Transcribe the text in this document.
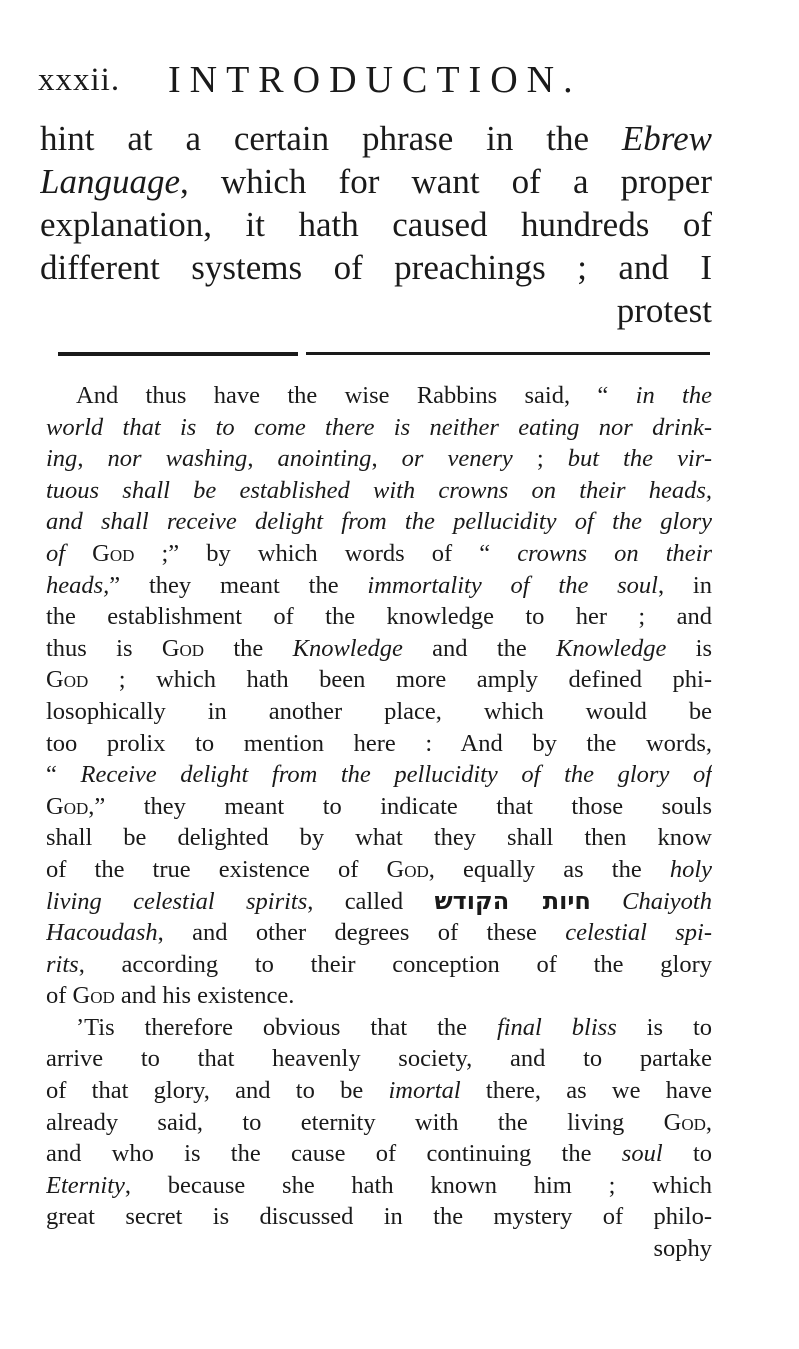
xxxii. INTRODUCTION.
hint at a certain phrase in the Ebrew
Language, which for want of a proper
explanation, it hath caused hundreds of
different systems of preachings ; and I
protest
And thus have the wise Rabbins said, “ in the
world that is to come there is neither eating nor drink-
ing, nor washing, anointing, or venery ; but the vir-
tuous shall be established with crowns on their heads,
and shall receive delight from the pellucidity of the glory
of God ;” by which words of “ crowns on their
heads,” they meant the immortality of the soul, in
the establishment of the knowledge to her ; and
thus is God the Knowledge and the Knowledge is
God ; which hath been more amply defined phi-
losophically in another place, which would be
too prolix to mention here : And by the words,
“ Receive delight from the pellucidity of the glory of
God,” they meant to indicate that those souls
shall be delighted by what they shall then know
of the true existence of God, equally as the holy
living celestial spirits, called חיות הקודש Chaiyoth
Hacoudash, and other degrees of these celestial spi-
rits, according to their conception of the glory
of God and his existence.
’Tis therefore obvious that the final bliss is to
arrive to that heavenly society, and to partake
of that glory, and to be imortal there, as we have
already said, to eternity with the living God,
and who is the cause of continuing the soul to
Eternity, because she hath known him ; which
great secret is discussed in the mystery of philo-
sophy
